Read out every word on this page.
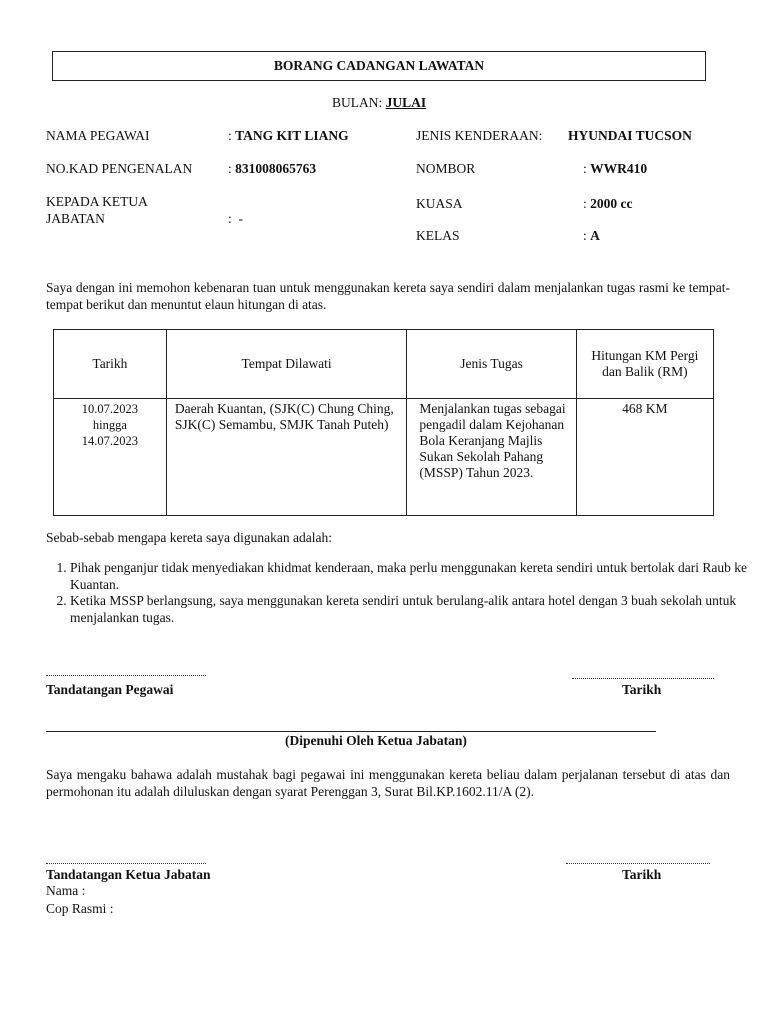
BORANG CADANGAN LAWATAN
BULAN: JULAI
NAMA PEGAWAI	: TANG KIT LIANG
NO.KAD PENGENALAN	: 831008065763
KEPADA KETUA
JABATAN	:  -
JENIS KENDERAAN: HYUNDAI TUCSON
NOMBOR	: WWR410
KUASA	: 2000 cc
KELAS	: A
Saya dengan ini memohon kebenaran tuan untuk menggunakan kereta saya sendiri dalam menjalankan tugas rasmi ke tempat-tempat berikut dan menuntut elaun hitungan di atas.
Tarikh	Tempat Dilawati	Jenis Tugas	Hitungan KM Pergi dan Balik (RM)

10.07.2023
hingga
14.07.2023	Daerah Kuantan, (SJK(C) Chung Ching, SJK(C) Semambu, SMJK Tanah Puteh)	Menjalankan tugas sebagai pengadil dalam Kejohanan Bola Keranjang Majlis Sukan Sekolah Pahang (MSSP) Tahun 2023.	468 KM
Sebab-sebab mengapa kereta saya digunakan adalah:
1. Pihak penganjur tidak menyediakan khidmat kenderaan, maka perlu menggunakan kereta sendiri untuk bertolak dari Raub ke Kuantan.
2. Ketika MSSP berlangsung, saya menggunakan kereta sendiri untuk berulang-alik antara hotel dengan 3 buah sekolah untuk menjalankan tugas.
Tandatangan Pegawai	Tarikh
(Dipenuhi Oleh Ketua Jabatan)
Saya mengaku bahawa adalah mustahak bagi pegawai ini menggunakan kereta beliau dalam perjalanan tersebut di atas dan permohonan itu adalah diluluskan dengan syarat Perenggan 3, Surat Bil.KP.1602.11/A (2).
Tandatangan Ketua Jabatan	Tarikh
Nama :
Cop Rasmi :
